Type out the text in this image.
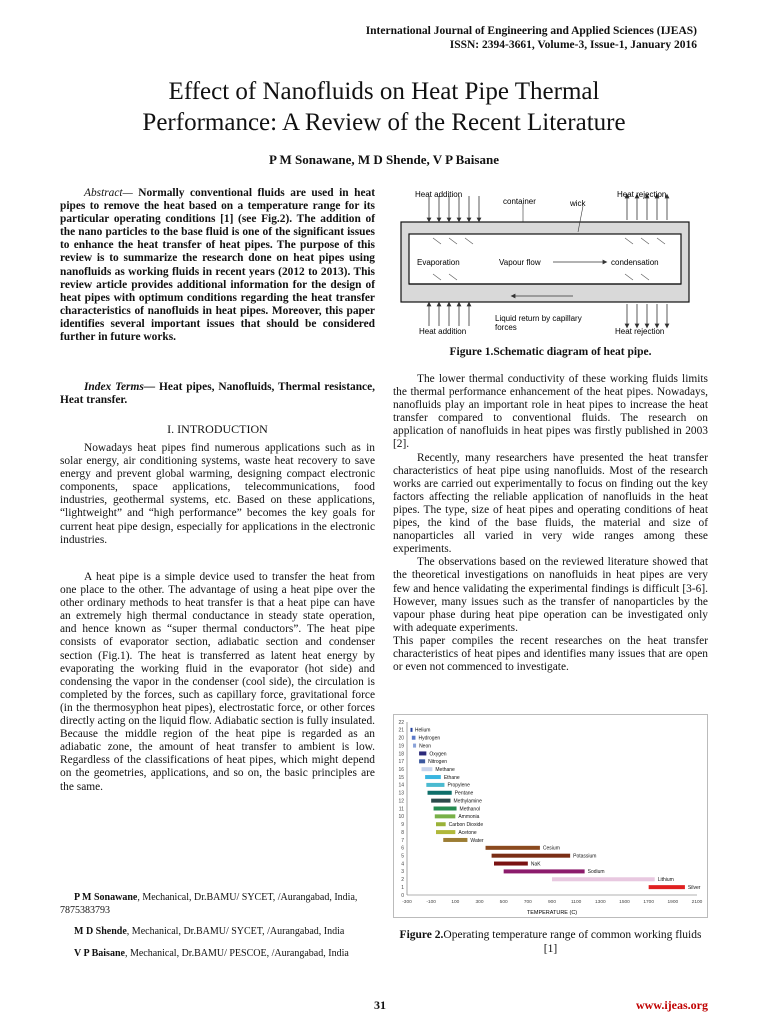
International Journal of Engineering and Applied Sciences (IJEAS)
ISSN: 2394-3661, Volume-3, Issue-1, January 2016
Effect of Nanofluids on Heat Pipe Thermal
Performance: A Review of the Recent Literature
P M Sonawane, M D Shende, V P Baisane

Abstract— Normally conventional fluids are used in heat pipes to remove the heat based on a temperature range for its particular operating conditions [1] (see Fig.2). The addition of the nano particles to the base fluid is one of the significant issues to enhance the heat transfer of heat pipes. The purpose of this review is to summarize the research done on heat pipes using nanofluids as working fluids in recent years (2012 to 2013). This review article provides additional information for the design of heat pipes with optimum conditions regarding the heat transfer characteristics of nanofluids in heat pipes. Moreover, this paper identifies several important issues that should be considered further in future works.

Index Terms— Heat pipes, Nanofluids, Thermal resistance, Heat transfer.

I. INTRODUCTION

Nowadays heat pipes find numerous applications such as in solar energy, air conditioning systems, waste heat recovery to save energy and prevent global warming, designing compact electronic components, space applications, telecommunications, food industries, geothermal systems, etc. Based on these applications, “lightweight” and “high performance” becomes the key goals for current heat pipe design, especially for applications in the electronic industries.

A heat pipe is a simple device used to transfer the heat from one place to the other. The advantage of using a heat pipe over the other ordinary methods to heat transfer is that a heat pipe can have an extremely high thermal conductance in steady state operation, and hence known as “super thermal conductors”. The heat pipe consists of evaporator section, adiabatic section and condenser section (Fig.1). The heat is transferred as latent heat energy by evaporating the working fluid in the evaporator (hot side) and condensing the vapor in the condenser (cool side), the circulation is completed by the forces, such as capillary force, gravitational force (in the thermosyphon heat pipes), electrostatic force, or other forces directly acting on the liquid flow. Adiabatic section is fully insulated. Because the middle region of the heat pipe is regarded as an adiabatic zone, the amount of heat transfer to ambient is low. Regardless of the classifications of heat pipes, which might depend on the geometries, applications, and so on, the basic principles are the same.

P M Sonawane, Mechanical, Dr.BAMU/ SYCET, /Aurangabad, India, 7875383793

M D Shende, Mechanical, Dr.BAMU/ SYCET, /Aurangabad, India

V P Baisane, Mechanical, Dr.BAMU/ PESCOE, /Aurangabad, India

Heat addition
container	wick
Heat rejection
Evaporation	Vapour flow	condensation
Liquid return by capillary
forces
Heat addition	Heat rejection
Figure 1.Schematic diagram of heat pipe.

The lower thermal conductivity of these working fluids limits the thermal performance enhancement of the heat pipes. Nowadays, nanofluids play an important role in heat pipes to increase the heat transfer compared to conventional fluids. The research on application of nanofluids in heat pipes was firstly published in 2003 [2].

Recently, many researchers have presented the heat transfer characteristics of heat pipe using nanofluids. Most of the research works are carried out experimentally to focus on finding out the key factors affecting the reliable application of nanofluids in the heat pipes. The type, size of heat pipes and operating conditions of heat pipes, the kind of the base fluids, the material and size of nanoparticles all varied in very wide ranges among these experiments.

The observations based on the reviewed literature showed that the theoretical investigations on nanofluids in heat pipes are very few and hence validating the experimental findings is difficult [3-6]. However, many issues such as the transfer of nanoparticles by the vapour phase during heat pipe operation can be investigated only with adequate experiments.

This paper compiles the recent researches on the heat transfer characteristics of heat pipes and identifies many issues that are open or even not commenced to investigate.

0
1
2
3
4
5
6
7
8
9
10
11
12
13
14
15
16
17
18
19
20
21
22
-300	-100	100	300	500	700	900	1100	1300	1500	1700	1900	2100
Helium
Hydrogen
Neon
Oxygen
Nitrogen
Methane
Ethane
Propylene
Pentane
Methylamine
Methanol
Ammonia
Carbon Dioxide
Acetone
Water
Cesium
Potassium
NaK
Sodium
Lithium
Silver
TEMPERATURE (C)
Figure 2.Operating temperature range of common working fluids [1]
31	www.ijeas.org
